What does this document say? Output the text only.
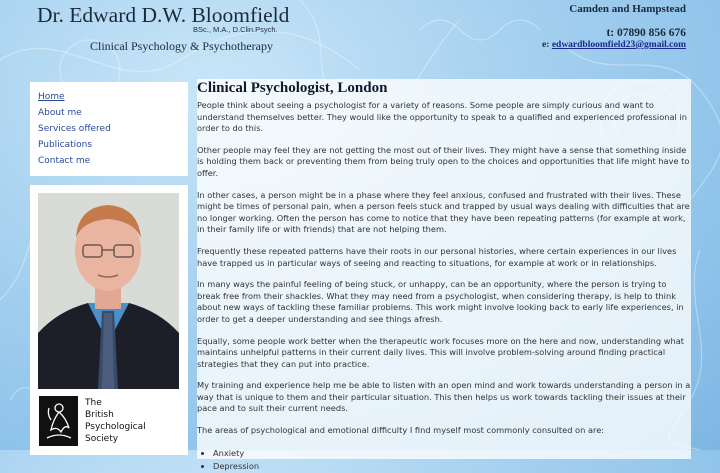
Dr. Edward D.W. Bloomfield
BSc., M.A., D.Clin.Psych.
Clinical Psychology & Psychotherapy
Camden and Hampstead
t: 07890 856 676
e: edwardbloomfield23@gmail.com
Home
About me
Services offered
Publications
Contact me
The
British
Psychological
Society
Clinical Psychologist, London

People think about seeing a psychologist for a variety of reasons. Some people are simply curious and want to understand themselves better. They would like the opportunity to speak to a qualified and experienced professional in order to do this.

Other people may feel they are not getting the most out of their lives. They might have a sense that something inside is holding them back or preventing them from being truly open to the choices and opportunities that life might have to offer.

In other cases, a person might be in a phase where they feel anxious, confused and frustrated with their lives. These might be times of personal pain, when a person feels stuck and trapped by usual ways dealing with difficulties that are no longer working. Often the person has come to notice that they have been repeating patterns (for example at work, in their family life or with friends) that are not helping them.

Frequently these repeated patterns have their roots in our personal histories, where certain experiences in our lives have trapped us in particular ways of seeing and reacting to situations, for example at work or in relationships.

In many ways the painful feeling of being stuck, or unhappy, can be an opportunity, where the person is trying to break free from their shackles. What they may need from a psychologist, when considering therapy, is help to think about new ways of tackling these familiar problems. This work might involve looking back to early life experiences, in order to get a deeper understanding and see things afresh.

Equally, some people work better when the therapeutic work focuses more on the here and now, understanding what maintains unhelpful patterns in their current daily lives. This will involve problem-solving around finding practical strategies that they can put into practice.

My training and experience help me be able to listen with an open mind and work towards understanding a person in a way that is unique to them and their particular situation. This then helps us work towards tackling their issues at their pace and to suit their current needs.

The areas of psychological and emotional difficulty I find myself most commonly consulted on are:

• Anxiety
• Depression
